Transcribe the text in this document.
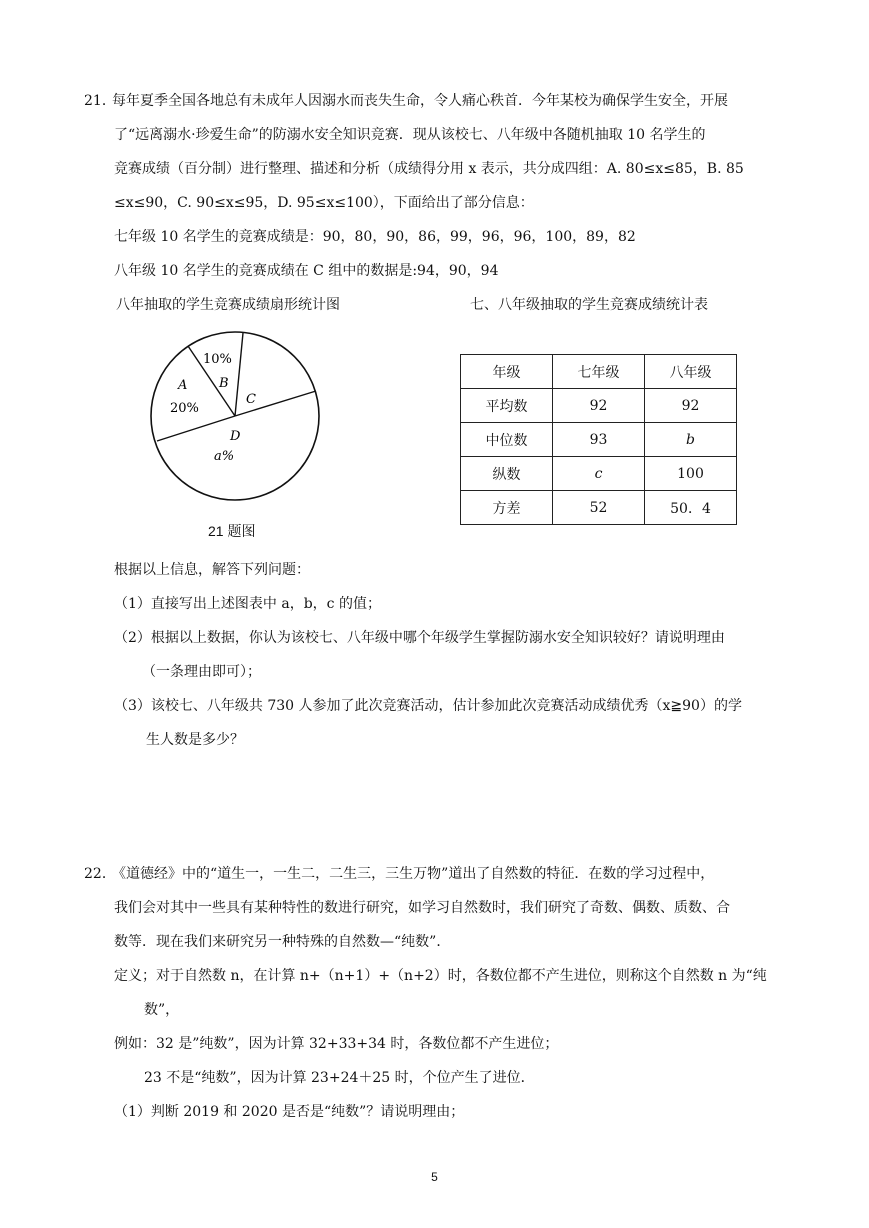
21．
每年夏季全国各地总有未成年人因溺水而丧失生命，令人痛心秩首．今年某校为确保学生安全，开展
了“远离溺水·珍爱生命”的防溺水安全知识竞赛．现从该校七、八年级中各随机抽取 10 名学生的
竞赛成绩（百分制）进行整理、描述和分析（成绩得分用 x 表示，共分成四组：A. 80≤x≤85，B. 85
≤x≤90，C. 90≤x≤95，D. 95≤x≤100），下面给出了部分信息：
七年级 10 名学生的竞赛成绩是：90，80，90，86，99，96，96，100，89，82
八年级 10 名学生的竞赛成绩在 C 组中的数据是:94，90，94
八年抽取的学生竞赛成绩扇形统计图	七、八年级抽取的学生竞赛成绩统计表
10%
A B
20%
C
D
a%
21 题图
年级	七年级	八年级
平均数	92	92
中位数	93	b
纵数	c	100
方差	52	50．4
根据以上信息，解答下列问题：
（1）直接写出上述图表中 a，b，c 的值；
（2）根据以上数据，你认为该校七、八年级中哪个年级学生掌握防溺水安全知识较好？请说明理由
（一条理由即可）；
（3）该校七、八年级共 730 人参加了此次竞赛活动，估计参加此次竞赛活动成绩优秀（x≧90）的学
生人数是多少？
22．
《道德经》中的“道生一，一生二，二生三，三生万物”道出了自然数的特征．在数的学习过程中，
我们会对其中一些具有某种特性的数进行研究，如学习自然数时，我们研究了奇数、偶数、质数、合
数等．现在我们来研究另一种特殊的自然数—“纯数”．
定义；对于自然数 n，在计算 n+（n+1）+（n+2）时，各数位都不产生进位，则称这个自然数 n 为“纯
数”，
例如：32 是”纯数”，因为计算 32+33+34 时，各数位都不产生进位；
23 不是“纯数”，因为计算 23+24＋25 时，个位产生了进位．
（1）判断 2019 和 2020 是否是“纯数”？请说明理由；
5
